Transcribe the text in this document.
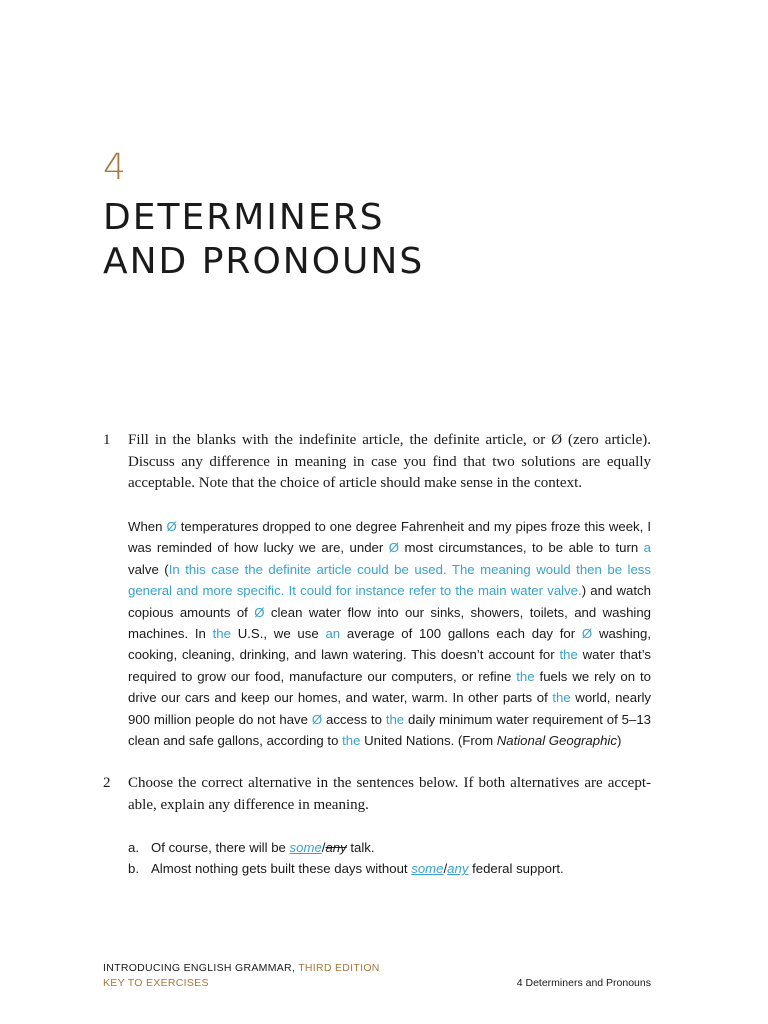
4
DETERMINERS
AND PRONOUNS
1 Fill in the blanks with the indefinite article, the definite article, or Ø (zero article). Discuss any difference in meaning in case you find that two solutions are equally acceptable. Note that the choice of article should make sense in the context.
When Ø temperatures dropped to one degree Fahrenheit and my pipes froze this week, I was reminded of how lucky we are, under Ø most circumstances, to be able to turn a valve (In this case the definite article could be used. The meaning would then be less general and more specific. It could for instance refer to the main water valve.) and watch copious amounts of Ø clean water flow into our sinks, showers, toilets, and washing machines. In the U.S., we use an average of 100 gallons each day for Ø washing, cooking, cleaning, drinking, and lawn watering. This doesn’t account for the water that’s required to grow our food, manufacture our computers, or refine the fuels we rely on to drive our cars and keep our homes, and water, warm. In other parts of the world, nearly 900 million people do not have Ø access to the daily minimum water requirement of 5–13 clean and safe gallons, according to the United Nations. (From National Geographic)
2 Choose the correct alternative in the sentences below. If both alternatives are acceptable, explain any difference in meaning.
a. Of course, there will be some/any talk.
b. Almost nothing gets built these days without some/any federal support.
INTRODUCING ENGLISH GRAMMAR, THIRD EDITION
KEY TO EXERCISES	4 Determiners and Pronouns
